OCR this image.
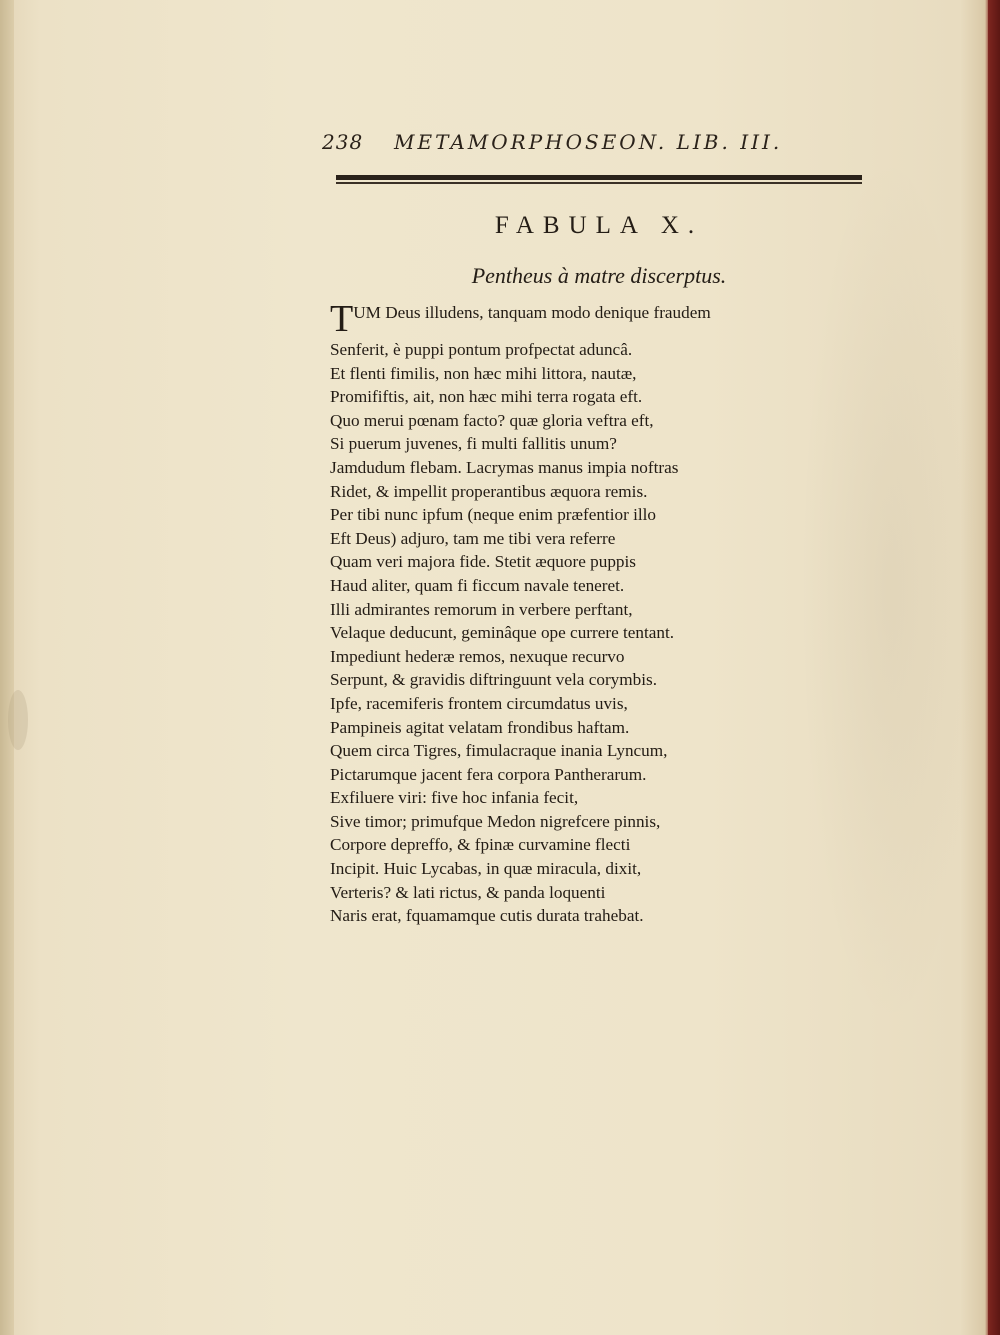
238 METAMORPHOSEON. LIB. III.
FABULA X.
Pentheus à matre discerptus.
TUM Deus illudens, tanquam modo denique fraudem
Senferit, è puppi pontum profpectat aduncâ.
Et flenti fimilis, non hæc mihi littora, nautæ,
Promififtis, ait, non hæc mihi terra rogata eft.
Quo merui pœnam facto? quæ gloria veftra eft,
Si puerum juvenes, fi multi fallitis unum?
Jamdudum flebam. Lacrymas manus impia noftras
Ridet, & impellit properantibus æquora remis.
Per tibi nunc ipfum (neque enim præfentior illo
Eft Deus) adjuro, tam me tibi vera referre
Quam veri majora fide. Stetit æquore puppis
Haud aliter, quam fi ficcum navale teneret.
Illi admirantes remorum in verbere perftant,
Velaque deducunt, geminâque ope currere tentant.
Impediunt hederæ remos, nexuque recurvo
Serpunt, & gravidis diftringuunt vela corymbis.
Ipfe, racemiferis frontem circumdatus uvis,
Pampineis agitat velatam frondibus haftam.
Quem circa Tigres, fimulacraque inania Lyncum,
Pictarumque jacent fera corpora Pantherarum.
Exfiluere viri: five hoc infania fecit,
Sive timor; primufque Medon nigrefcere pinnis,
Corpore depreffo, & fpinæ curvamine flecti
Incipit. Huic Lycabas, in quæ miracula, dixit,
Verteris? & lati rictus, & panda loquenti
Naris erat, fquamamque cutis durata trahebat.
